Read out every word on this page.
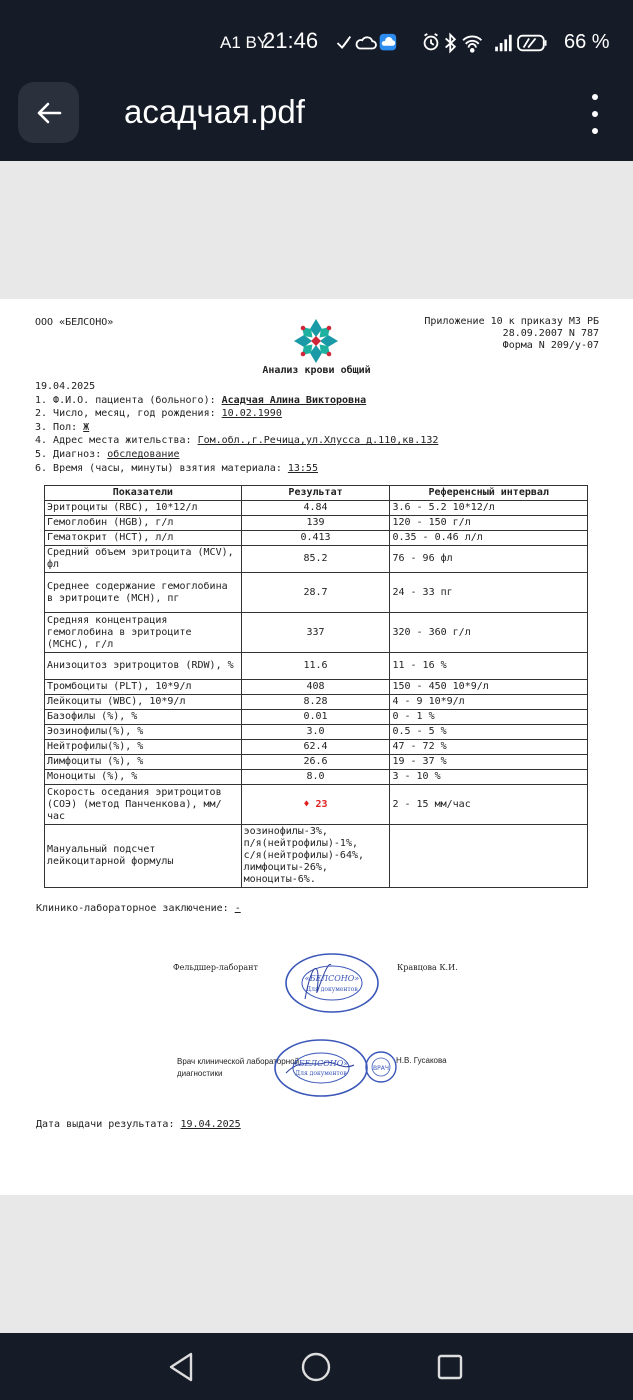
A1 BY
21:46	66 %
асадчая.pdf
ООО «БЕЛСОНО»	Приложение 10 к приказу МЗ РБ
28.09.2007 N 787
Форма N 209/у-07
Анализ крови общий
19.04.2025
1. Ф.И.О. пациента (больного): Асадчая Алина Викторовна
2. Число, месяц, год рождения: 10.02.1990
3. Пол: Ж
4. Адрес места жительства: Гом.обл.,г.Речица,ул.Хлусса д.110,кв.132
5. Диагноз: обследование
6. Время (часы, минуты) взятия материала: 13:55
Показатели	Результат	Референсный интервал
Эритроциты (RBC), 10*12/л	4.84	3.6 - 5.2 10*12/л
Гемоглобин (HGB), г/л	139	120 - 150 г/л
Гематокрит (HCT), л/л	0.413	0.35 - 0.46 л/л
Средний объем эритроцита (MCV), фл	85.2	76 - 96 фл
Среднее содержание гемоглобина в эритроците (MCH), пг	28.7	24 - 33 пг
Средняя концентрация гемоглобина в эритроците (MCHC), г/л	337	320 - 360 г/л
Анизоцитоз эритроцитов (RDW), %	11.6	11 - 16 %
Тромбоциты (PLT), 10*9/л	408	150 - 450 10*9/л
Лейкоциты (WBC), 10*9/л	8.28	4 - 9 10*9/л
Базофилы (%), %	0.01	0 - 1 %
Эозинофилы(%), %	3.0	0.5 - 5 %
Нейтрофилы(%), %	62.4	47 - 72 %
Лимфоциты (%), %	26.6	19 - 37 %
Моноциты (%), %	8.0	3 - 10 %
Скорость оседания эритроцитов (СОЭ) (метод Панченкова), мм/час	♦ 23	2 - 15 мм/час
Мануальный подсчет лейкоцитарной формулы	эозинофилы-3%,
п/я(нейтрофилы)-1%,
с/я(нейтрофилы)-64%,
лимфоциты-26%,
моноциты-6%.	

Клинико-лабораторное заключение: -
Фельдшер-лаборант
«БЕЛСОНО»
Для документов
Кравцова К.И.
Врач клинической лабораторной
диагностики
«БЕЛСОНО»
Для документов
ВРАЧ
Н.В. Гусакова
Дата выдачи результата: 19.04.2025
